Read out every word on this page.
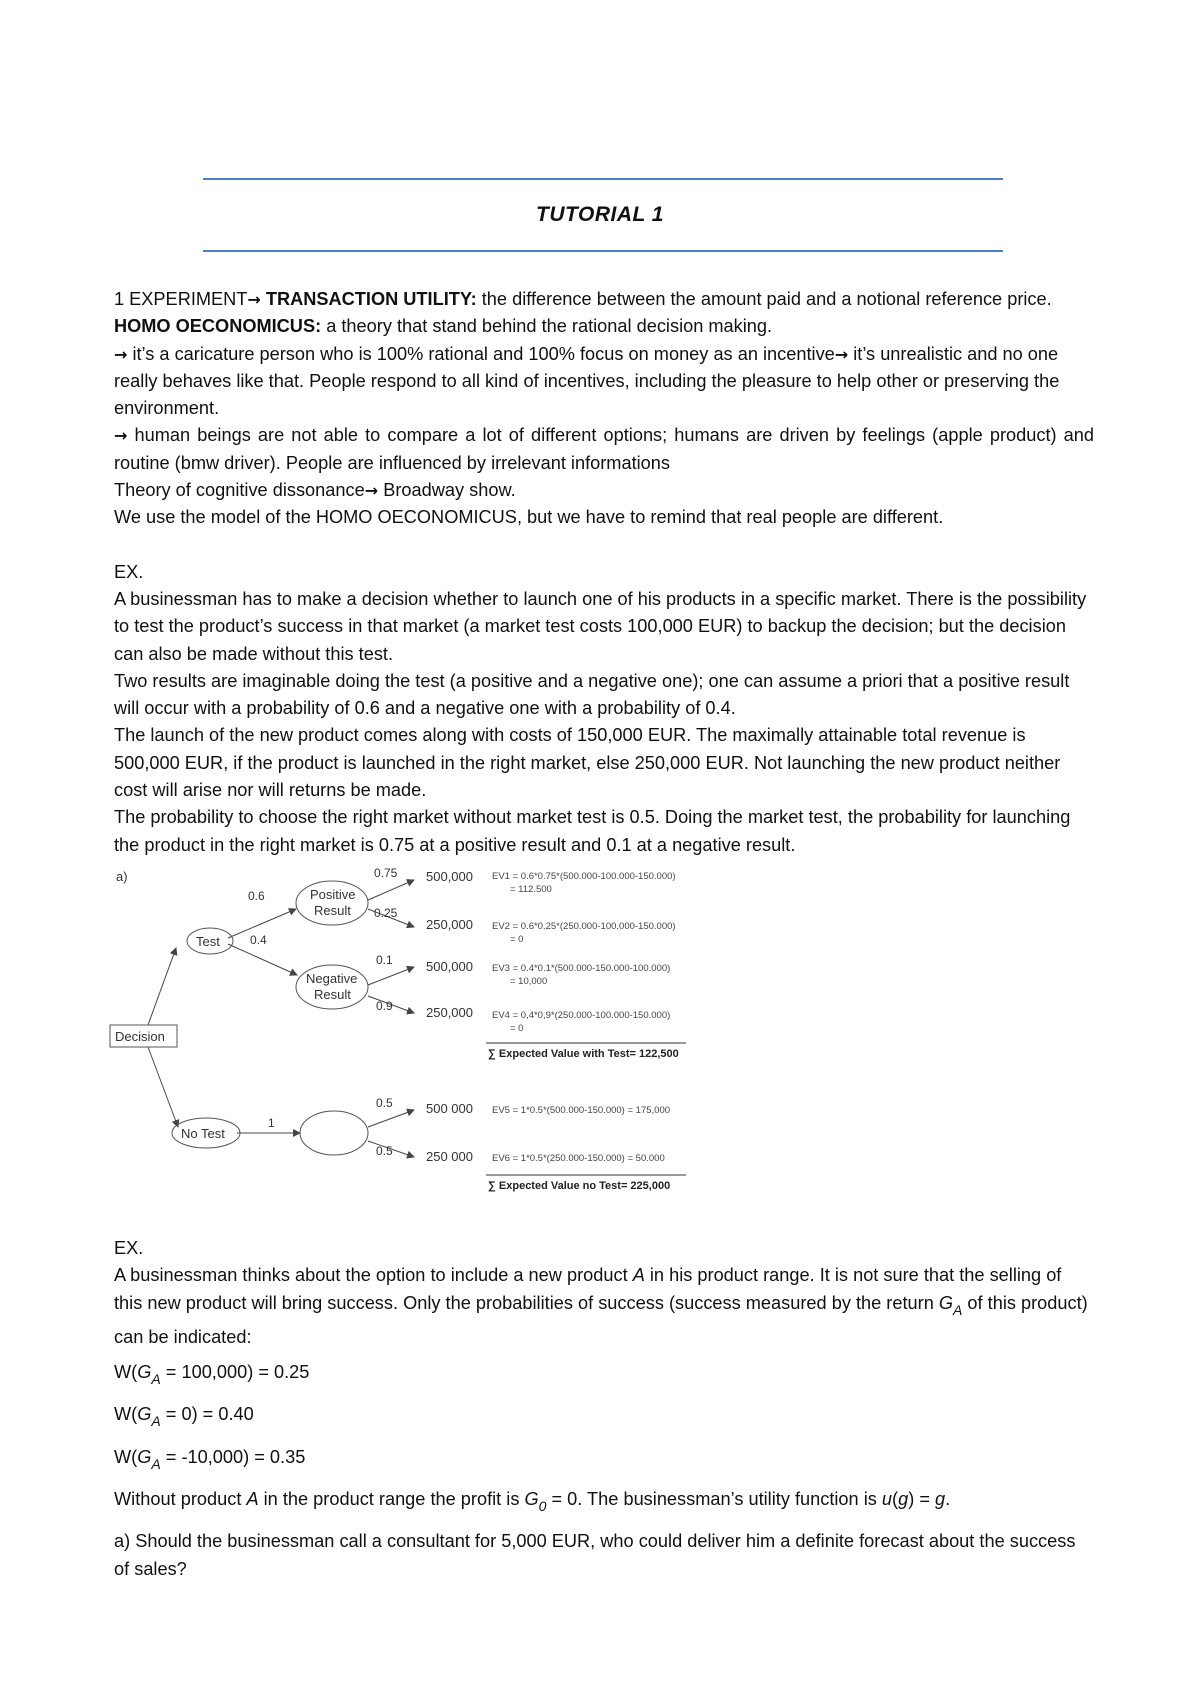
TUTORIAL 1

1 EXPERIMENT→ TRANSACTION UTILITY: the difference between the amount paid and a notional reference price.

HOMO OECONOMICUS: a theory that stand behind the rational decision making.

→ it’s a caricature person who is 100% rational and 100% focus on money as an incentive→ it’s unrealistic and no one really behaves like that. People respond to all kind of incentives, including the pleasure to help other or preserving the environment.

→ human beings are not able to compare a lot of different options; humans are driven by feelings (apple product) and routine (bmw driver). People are influenced by irrelevant informations

Theory of cognitive dissonance→ Broadway show.

We use the model of the HOMO OECONOMICUS, but we have to remind that real people are different.

EX.

A businessman has to make a decision whether to launch one of his products in a specific market. There is the possibility to test the product’s success in that market (a market test costs 100,000 EUR) to backup the decision; but the decision can also be made without this test.

Two results are imaginable doing the test (a positive and a negative one); one can assume a priori that a positive result will occur with a probability of 0.6 and a negative one with a probability of 0.4.

The launch of the new product comes along with costs of 150,000 EUR. The maximally attainable total revenue is 500,000 EUR, if the product is launched in the right market, else 250,000 EUR. Not launching the new product neither cost will arise nor will returns be made.

The probability to choose the right market without market test is 0.5. Doing the market test, the probability for launching the product in the right market is 0.75 at a positive result and 0.1 at a negative result.

a)
Decision
Test
Positive
Result
Negative
Result
No Test
0.6
0.4
1
0.75
0.25
0.1
0.9
0.5
0.5
500,000
250,000
500,000
250,000
500 000
250 000
EV1 = 0.6*0.75*(500.000-100.000-150.000)
= 112.500
EV2 = 0.6*0.25*(250.000-100.000-150.000)
= 0
EV3 = 0.4*0.1*(500.000-150.000-100.000)
= 10,000
EV4 = 0,4*0,9*(250.000-100.000-150.000)
= 0
EV5 = 1*0.5*(500.000-150.000) = 175,000
EV6 = 1*0.5*(250.000-150.000) = 50.000
∑ Expected Value with Test= 122,500
∑ Expected Value no Test= 225,000

EX.

A businessman thinks about the option to include a new product A in his product range. It is not sure that the selling of this new product will bring success. Only the probabilities of success (success measured by the return $G_A$ of this product) can be indicated:

$W(G_A = 100,000) = 0.25$

$W(G_A = 0) = 0.40$

$W(G_A = -10,000) = 0.35$

Without product A in the product range the profit is $G_0 = 0$. The businessman’s utility function is u(g) = g.

a) Should the businessman call a consultant for 5,000 EUR, who could deliver him a definite forecast about the success of sales?
